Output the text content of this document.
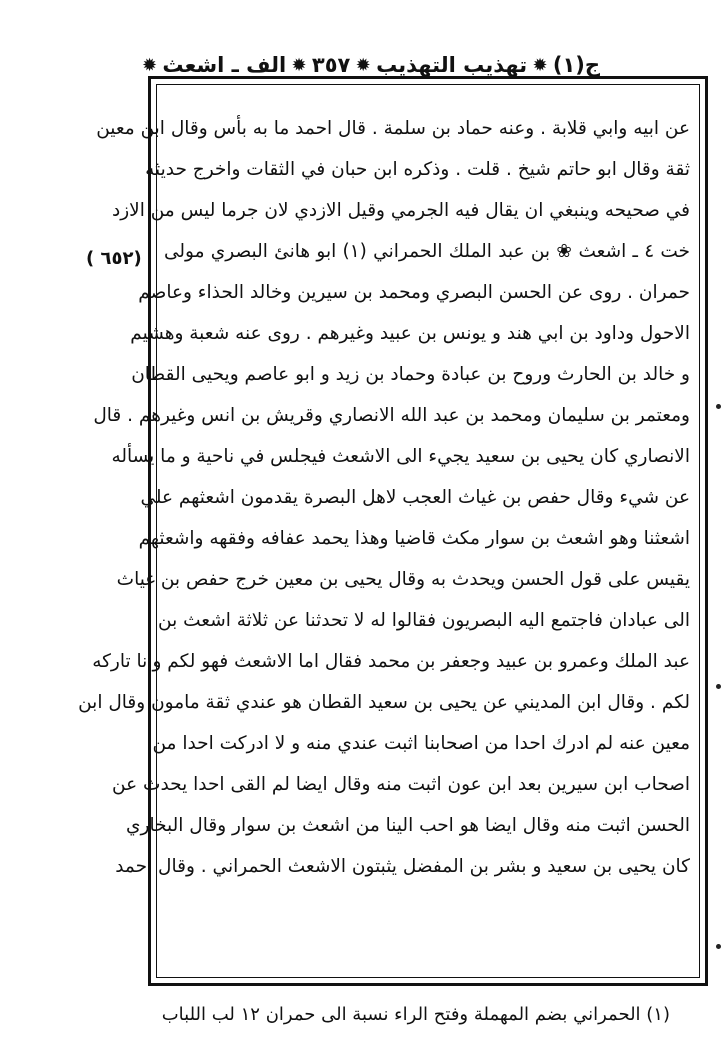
ج(١)
✹
تهذيب التهذيب
✹
٣٥٧
✹
الف ـ اشعث
✹
( ٦٥٢)
عن ابيه وابي قلابة . وعنه حماد بن سلمة . قال احمد ما به بأس وقال ابن معين
ثقة وقال ابو حاتم شيخ . قلت . وذكره ابن حبان في الثقات واخرج حديثه
في صحيحه وينبغي ان يقال فيه الجرمي وقيل الازدي لان جرما ليس من الازد
خت ٤ ـ اشعث ❀ بن عبد الملك الحمراني (١) ابو هانئ البصري مولى
حمران . روى عن الحسن البصري ومحمد بن سيرين وخالد الحذاء وعاصم
الاحول وداود بن ابي هند و يونس بن عبيد وغيرهم . روى عنه شعبة وهشيم
و خالد بن الحارث وروح بن عبادة وحماد بن زيد و ابو عاصم ويحيى القطان
ومعتمر بن سليمان ومحمد بن عبد الله الانصاري وقريش بن انس وغيرهم . قال
الانصاري كان يحيى بن سعيد يجيء الى الاشعث فيجلس في ناحية و ما يسأله
عن شيء وقال حفص بن غياث العجب لاهل البصرة يقدمون اشعثهم علي
اشعثنا وهو اشعث بن سوار مكث قاضيا وهذا يحمد عفافه وفقهه واشعثهم
يقيس على قول الحسن ويحدث به وقال يحيى بن معين خرج حفص بن غياث
الى عبادان فاجتمع اليه البصريون فقالوا له لا تحدثنا عن ثلاثة اشعث بن
عبد الملك وعمرو بن عبيد وجعفر بن محمد فقال اما الاشعث فهو لكم وانا تاركه
لكم . وقال ابن المديني عن يحيى بن سعيد القطان هو عندي ثقة مامون وقال ابن
معين عنه لم ادرك احدا من اصحابنا اثبت عندي منه و لا ادركت احدا من
اصحاب ابن سيرين بعد ابن عون اثبت منه وقال ايضا لم القى احدا يحدث عن
الحسن اثبت منه وقال ايضا هو احب الينا من اشعث بن سوار وقال البخاري
كان يحيى بن سعيد و بشر بن المفضل يثبتون الاشعث الحمراني . وقال احمد
(١) الحمراني بضم المهملة وفتح الراء نسبة الى حمران ١٢ لب اللباب
